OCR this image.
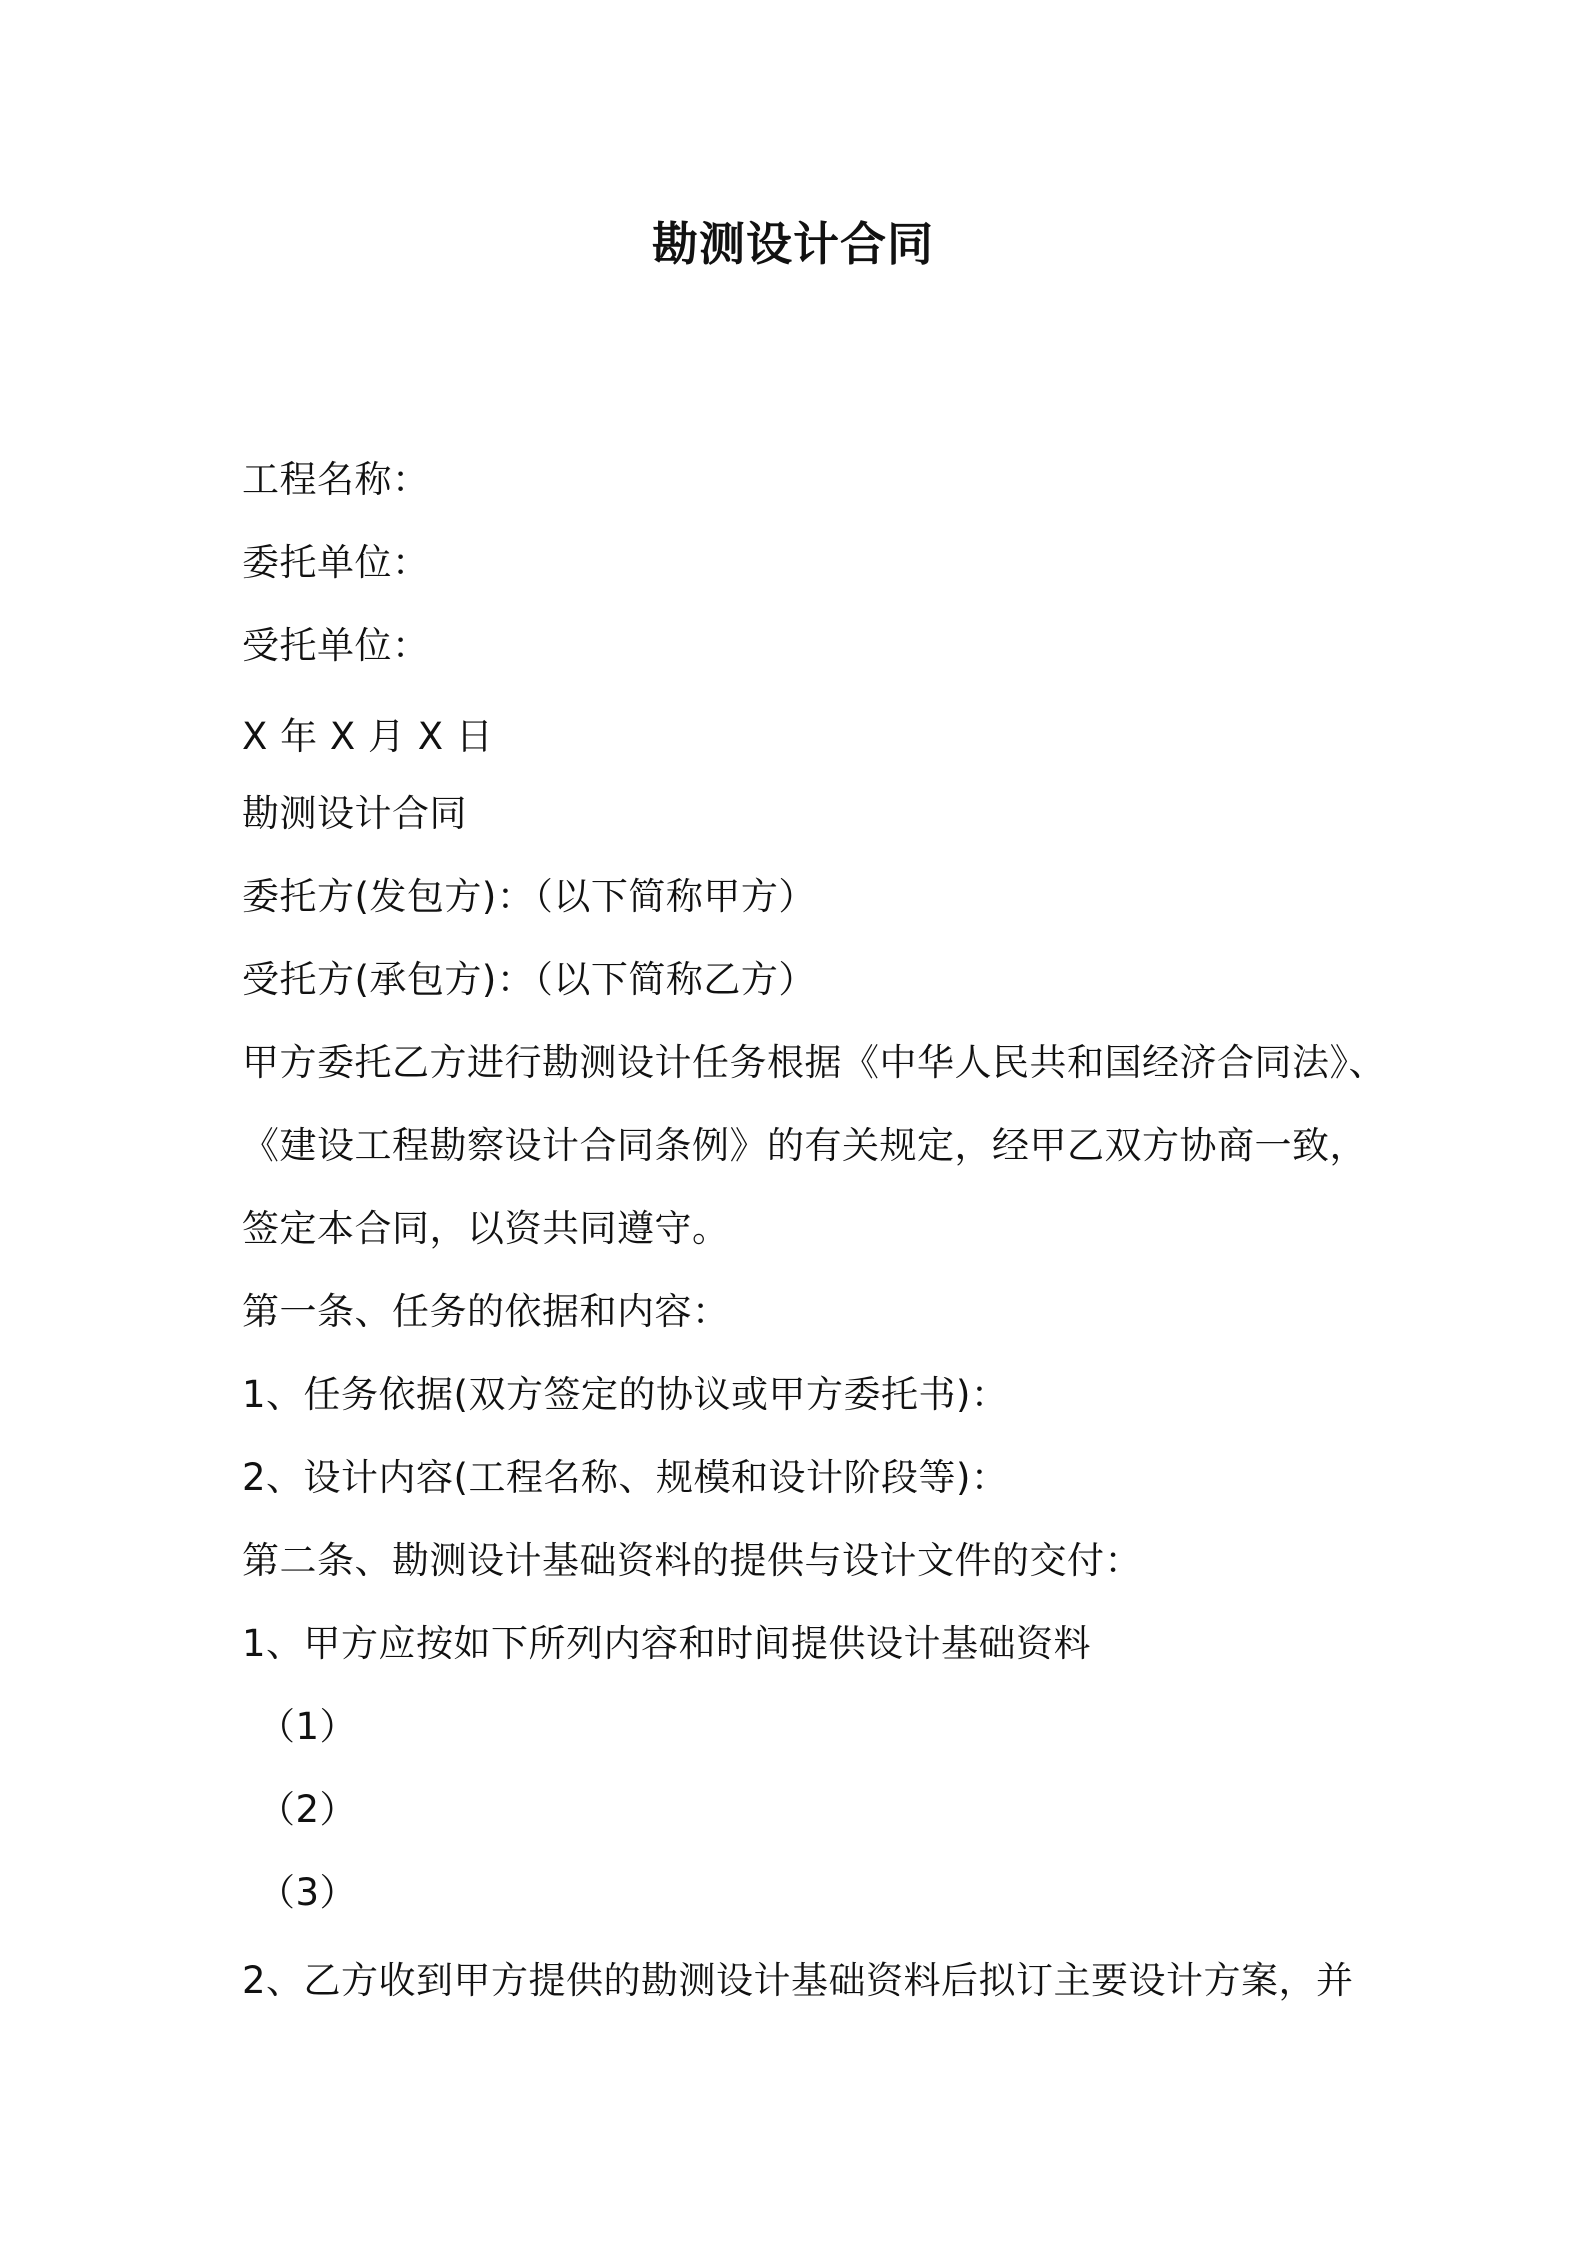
勘测设计合同
工程名称：
委托单位：
受托单位：
X 年 X 月 X 日
勘测设计合同
委托方(发包方)：（以下简称甲方）
受托方(承包方)：（以下简称乙方）
甲方委托乙方进行勘测设计任务根据《中华人民共和国经济合同法》、
《建设工程勘察设计合同条例》的有关规定，经甲乙双方协商一致，
签定本合同，以资共同遵守。
第一条、任务的依据和内容：
1、任务依据(双方签定的协议或甲方委托书)：
2、设计内容(工程名称、规模和设计阶段等)：
第二条、勘测设计基础资料的提供与设计文件的交付：
1、甲方应按如下所列内容和时间提供设计基础资料
（1）
（2）
（3）
2、乙方收到甲方提供的勘测设计基础资料后拟订主要设计方案，并
